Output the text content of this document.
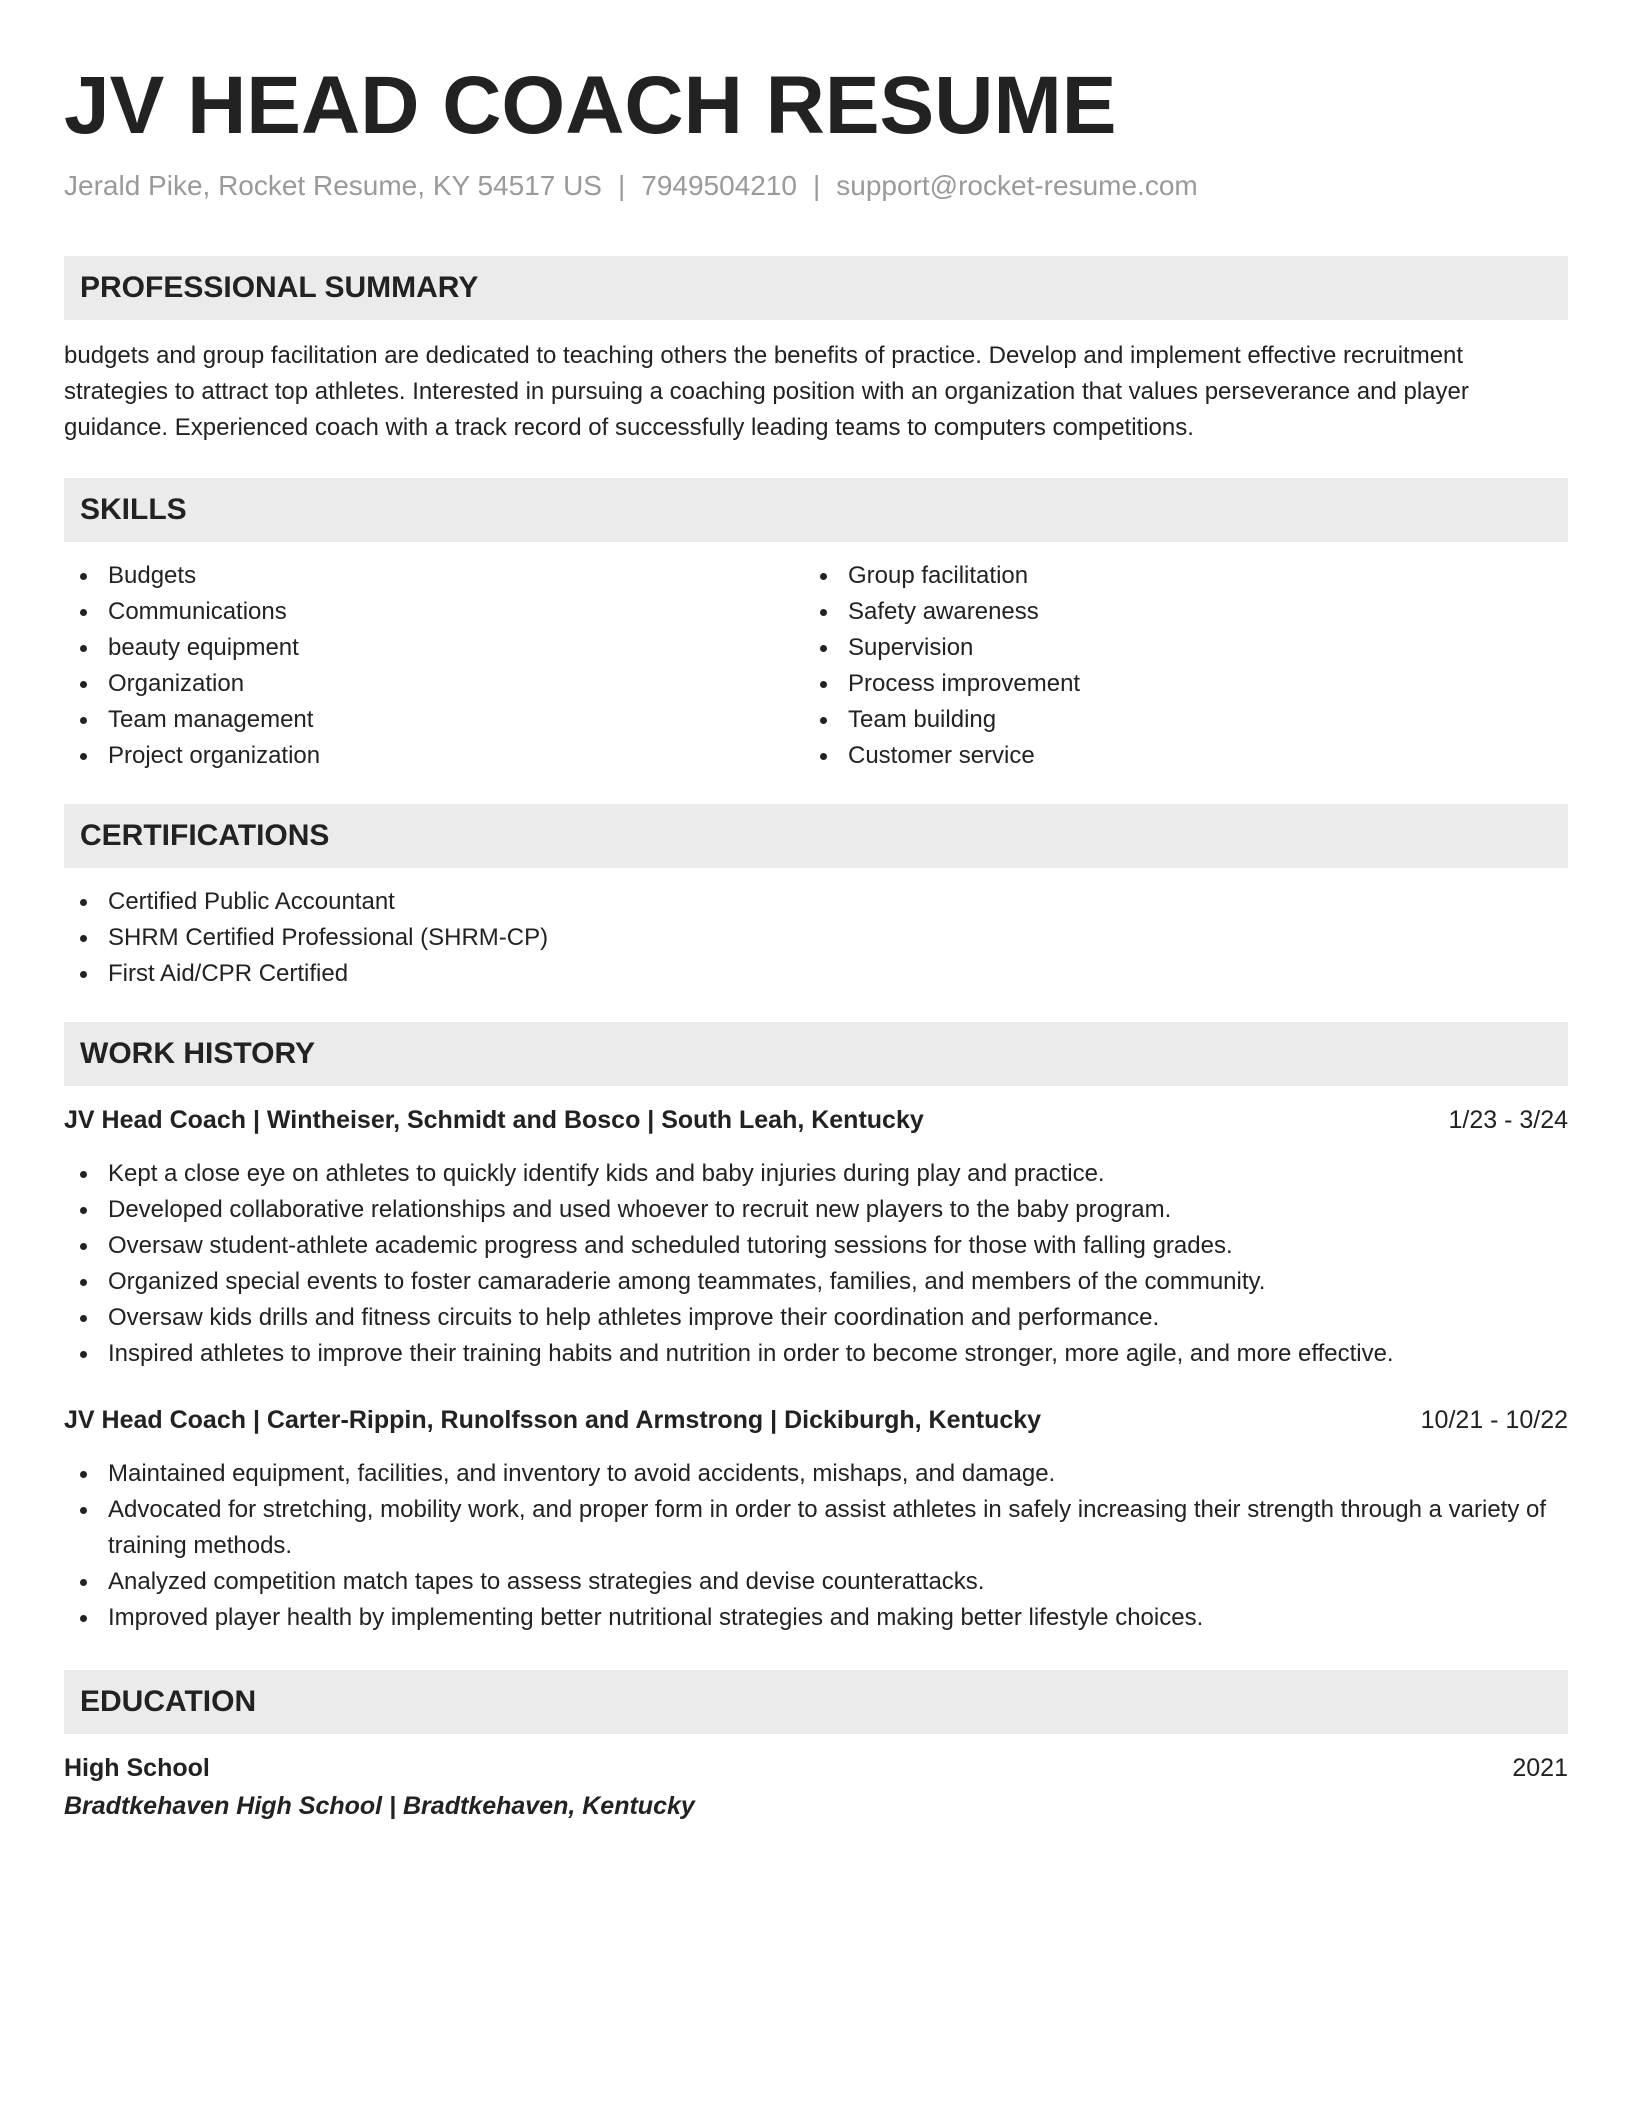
JV HEAD COACH RESUME
Jerald Pike, Rocket Resume, KY 54517 US | 7949504210 | support@rocket-resume.com
PROFESSIONAL SUMMARY

budgets and group facilitation are dedicated to teaching others the benefits of practice. Develop and implement effective recruitment strategies to attract top athletes. Interested in pursuing a coaching position with an organization that values perseverance and player guidance. Experienced coach with a track record of successfully leading teams to computers competitions.

SKILLS
Budgets
Communications
beauty equipment
Organization
Team management
Project organization
Group facilitation
Safety awareness
Supervision
Process improvement
Team building
Customer service
CERTIFICATIONS
Certified Public Accountant
SHRM Certified Professional (SHRM-CP)
First Aid/CPR Certified
WORK HISTORY
JV Head Coach | Wintheiser, Schmidt and Bosco | South Leah, Kentucky	1/23 - 3/24
Kept a close eye on athletes to quickly identify kids and baby injuries during play and practice.
Developed collaborative relationships and used whoever to recruit new players to the baby program.
Oversaw student-athlete academic progress and scheduled tutoring sessions for those with falling grades.
Organized special events to foster camaraderie among teammates, families, and members of the community.
Oversaw kids drills and fitness circuits to help athletes improve their coordination and performance.
Inspired athletes to improve their training habits and nutrition in order to become stronger, more agile, and more effective.
JV Head Coach | Carter-Rippin, Runolfsson and Armstrong | Dickiburgh, Kentucky	10/21 - 10/22
Maintained equipment, facilities, and inventory to avoid accidents, mishaps, and damage.
Advocated for stretching, mobility work, and proper form in order to assist athletes in safely increasing their strength through a variety of training methods.
Analyzed competition match tapes to assess strategies and devise counterattacks.
Improved player health by implementing better nutritional strategies and making better lifestyle choices.
EDUCATION
High School	2021
Bradtkehaven High School | Bradtkehaven, Kentucky
